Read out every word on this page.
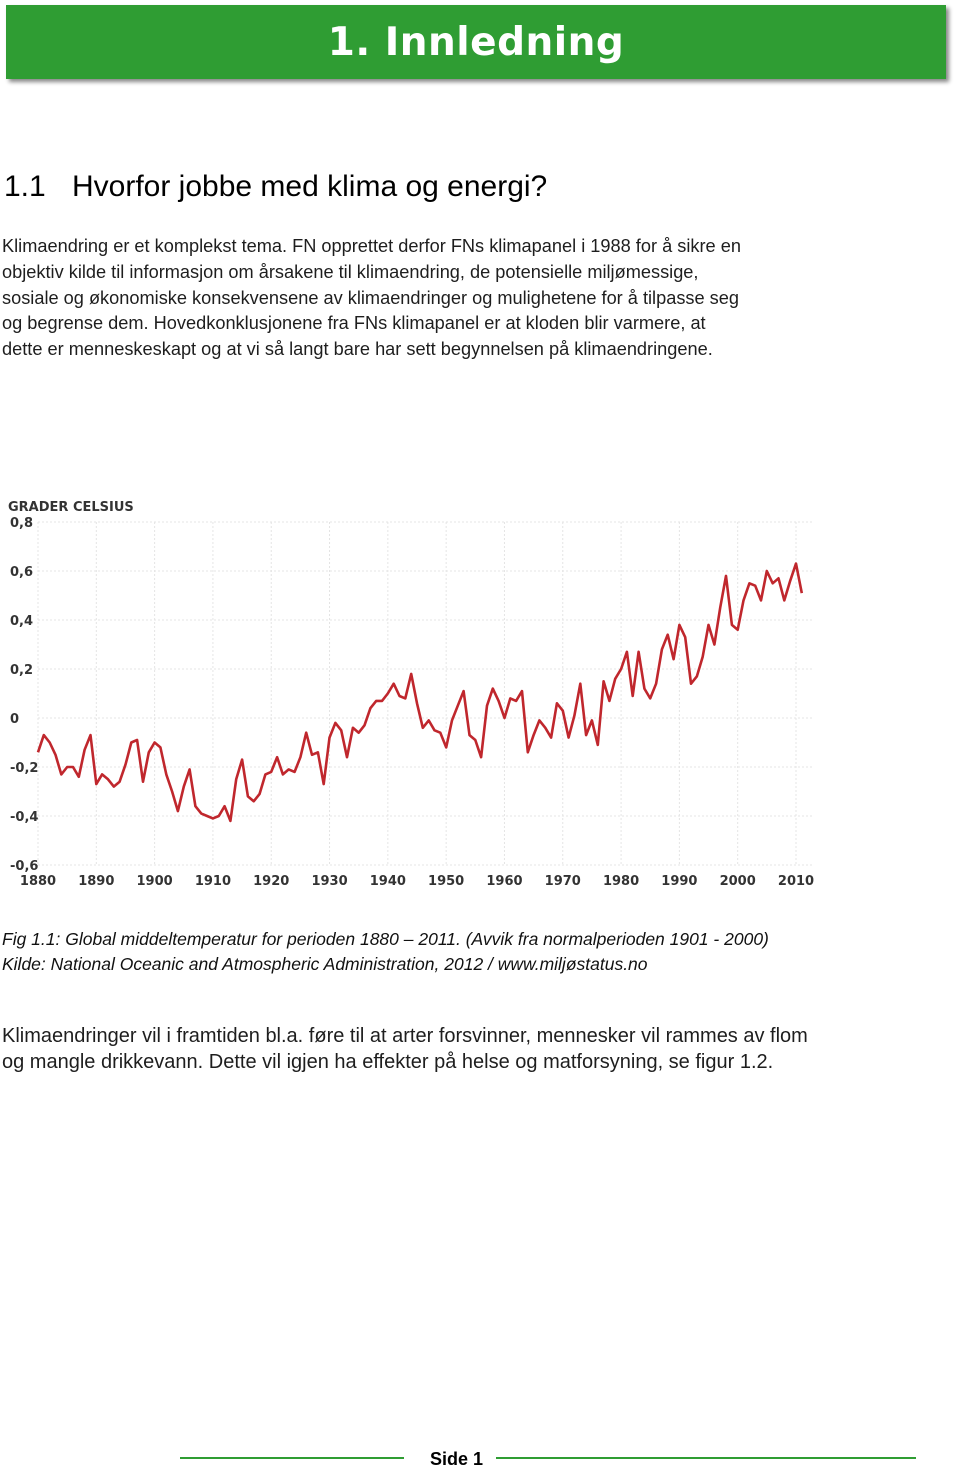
1. Innledning
1.1 Hvorfor jobbe med klima og energi?

Klimaendring er et komplekst tema. FN opprettet derfor FNs klimapanel i 1988 for å sikre en
objektiv kilde til informasjon om årsakene til klimaendring, de potensielle miljømessige,
sosiale og økonomiske konsekvensene av klimaendringer og mulighetene for å tilpasse seg
og begrense dem. Hovedkonklusjonene fra FNs klimapanel er at kloden blir varmere, at
dette er menneskeskapt og at vi så langt bare har sett begynnelsen på klimaendringene.

GRADER CELSIUS
0,8
0,6
0,4
0,2
0
-0,2
-0,4
-0,6
1880 1890 1900 1910 1920 1930 1940 1950 1960 1970 1980 1990 2000 2010

Fig 1.1: Global middeltemperatur for perioden 1880 – 2011. (Avvik fra normalperioden 1901 - 2000)
Kilde: National Oceanic and Atmospheric Administration, 2012 / www.miljøstatus.no

Klimaendringer vil i framtiden bl.a. føre til at arter forsvinner, mennesker vil rammes av flom
og mangle drikkevann. Dette vil igjen ha effekter på helse og matforsyning, se figur 1.2.

Side 1
